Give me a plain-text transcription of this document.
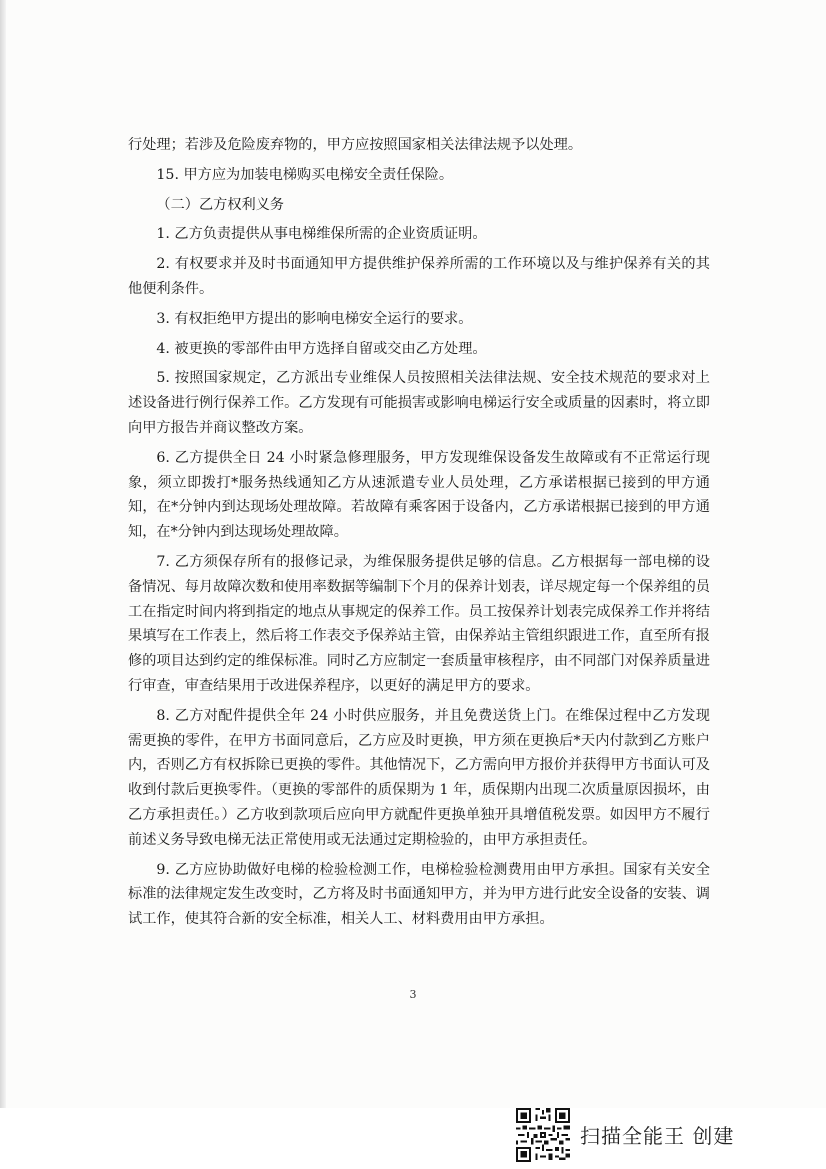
行处理；若涉及危险废弃物的，甲方应按照国家相关法律法规予以处理。

15. 甲方应为加装电梯购买电梯安全责任保险。

（二）乙方权利义务

1. 乙方负责提供从事电梯维保所需的企业资质证明。

2. 有权要求并及时书面通知甲方提供维护保养所需的工作环境以及与维护保养有关的其他便利条件。

3. 有权拒绝甲方提出的影响电梯安全运行的要求。

4. 被更换的零部件由甲方选择自留或交由乙方处理。

5. 按照国家规定，乙方派出专业维保人员按照相关法律法规、安全技术规范的要求对上述设备进行例行保养工作。乙方发现有可能损害或影响电梯运行安全或质量的因素时，将立即向甲方报告并商议整改方案。

6. 乙方提供全日 24 小时紧急修理服务，甲方发现维保设备发生故障或有不正常运行现象，须立即拨打*服务热线通知乙方从速派遣专业人员处理，乙方承诺根据已接到的甲方通知，在*分钟内到达现场处理故障。若故障有乘客困于设备内，乙方承诺根据已接到的甲方通知，在*分钟内到达现场处理故障。

7. 乙方须保存所有的报修记录，为维保服务提供足够的信息。乙方根据每一部电梯的设备情况、每月故障次数和使用率数据等编制下个月的保养计划表，详尽规定每一个保养组的员工在指定时间内将到指定的地点从事规定的保养工作。员工按保养计划表完成保养工作并将结果填写在工作表上，然后将工作表交予保养站主管，由保养站主管组织跟进工作，直至所有报修的项目达到约定的维保标准。同时乙方应制定一套质量审核程序，由不同部门对保养质量进行审查，审查结果用于改进保养程序，以更好的满足甲方的要求。

8. 乙方对配件提供全年 24 小时供应服务，并且免费送货上门。在维保过程中乙方发现需更换的零件，在甲方书面同意后，乙方应及时更换，甲方须在更换后*天内付款到乙方账户内，否则乙方有权拆除已更换的零件。其他情况下，乙方需向甲方报价并获得甲方书面认可及收到付款后更换零件。（更换的零部件的质保期为 1 年，质保期内出现二次质量原因损坏，由乙方承担责任。）乙方收到款项后应向甲方就配件更换单独开具增值税发票。如因甲方不履行前述义务导致电梯无法正常使用或无法通过定期检验的，由甲方承担责任。

9. 乙方应协助做好电梯的检验检测工作，电梯检验检测费用由甲方承担。国家有关安全标准的法律规定发生改变时，乙方将及时书面通知甲方，并为甲方进行此安全设备的安装、调试工作，使其符合新的安全标准，相关人工、材料费用由甲方承担。

3
扫描全能王 创建
